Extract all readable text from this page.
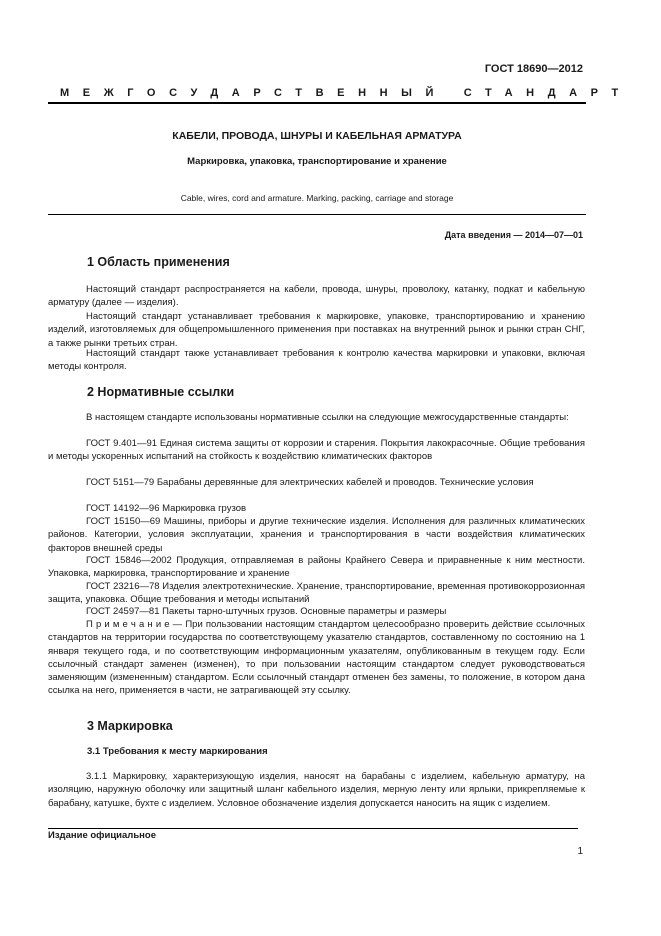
ГОСТ 18690—2012
МЕЖГОСУДАРСТВЕННЫЙ СТАНДАРТ
КАБЕЛИ, ПРОВОДА, ШНУРЫ И КАБЕЛЬНАЯ АРМАТУРА
Маркировка, упаковка, транспортирование и хранение
Cable, wires, cord and armature. Marking, packing, carriage and storage
Дата введения — 2014—07—01
1 Область применения
Настоящий стандарт распространяется на кабели, провода, шнуры, проволоку, катанку, подкат и кабельную арматуру (далее — изделия).
Настоящий стандарт устанавливает требования к маркировке, упаковке, транспортированию и хранению изделий, изготовляемых для общепромышленного применения при поставках на внутренний рынок и рынки стран СНГ, а также рынки третьих стран.
Настоящий стандарт также устанавливает требования к контролю качества маркировки и упаковки, включая методы контроля.
2 Нормативные ссылки
В настоящем стандарте использованы нормативные ссылки на следующие межгосударственные стандарты:
ГОСТ 9.401—91 Единая система защиты от коррозии и старения. Покрытия лакокрасочные. Общие требования и методы ускоренных испытаний на стойкость к воздействию климатических факторов
ГОСТ 5151—79 Барабаны деревянные для электрических кабелей и проводов. Технические условия
ГОСТ 14192—96 Маркировка грузов
ГОСТ 15150—69 Машины, приборы и другие технические изделия. Исполнения для различных климатических районов. Категории, условия эксплуатации, хранения и транспортирования в части воздействия климатических факторов внешней среды
ГОСТ 15846—2002 Продукция, отправляемая в районы Крайнего Севера и приравненные к ним местности. Упаковка, маркировка, транспортирование и хранение
ГОСТ 23216—78 Изделия электротехнические. Хранение, транспортирование, временная противокоррозионная защита, упаковка. Общие требования и методы испытаний
ГОСТ 24597—81 Пакеты тарно-штучных грузов. Основные параметры и размеры
П р и м е ч а н и е — При пользовании настоящим стандартом целесообразно проверить действие ссылочных стандартов на территории государства по соответствующему указателю стандартов, составленному по состоянию на 1 января текущего года, и по соответствующим информационным указателям, опубликованным в текущем году. Если ссылочный стандарт заменен (изменен), то при пользовании настоящим стандартом следует руководствоваться заменяющим (измененным) стандартом. Если ссылочный стандарт отменен без замены, то положение, в котором дана ссылка на него, применяется в части, не затрагивающей эту ссылку.
3 Маркировка
3.1 Требования к месту маркирования
3.1.1 Маркировку, характеризующую изделия, наносят на барабаны с изделием, кабельную арматуру, на изоляцию, наружную оболочку или защитный шланг кабельного изделия, мерную ленту или ярлыки, прикрепляемые к барабану, катушке, бухте с изделием. Условное обозначение изделия допускается наносить на ящик с изделием.
Издание официальное
1
